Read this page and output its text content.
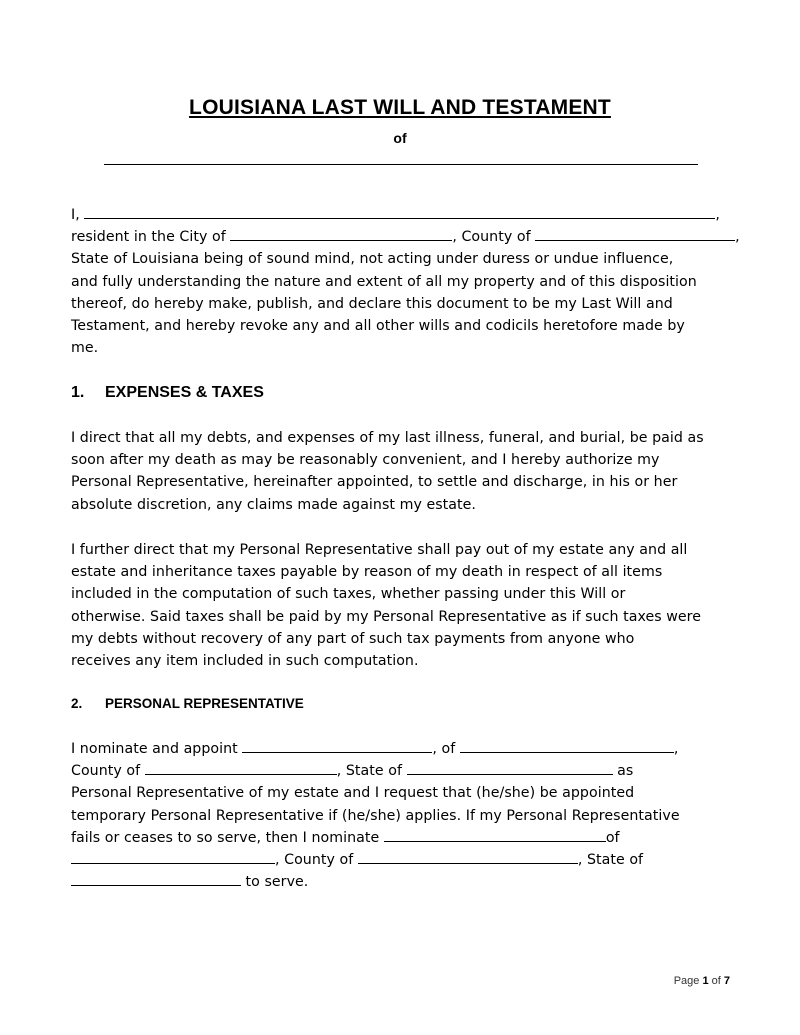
LOUISIANA LAST WILL AND TESTAMENT
of
I,	,
resident in the City of	, County of	,
State of Louisiana being of sound mind, not acting under duress or undue influence,
and fully understanding the nature and extent of all my property and of this disposition
thereof, do hereby make, publish, and declare this document to be my Last Will and
Testament, and hereby revoke any and all other wills and codicils heretofore made by
me.
1. EXPENSES & TAXES
I direct that all my debts, and expenses of my last illness, funeral, and burial, be paid as
soon after my death as may be reasonably convenient, and I hereby authorize my
Personal Representative, hereinafter appointed, to settle and discharge, in his or her
absolute discretion, any claims made against my estate.
I further direct that my Personal Representative shall pay out of my estate any and all
estate and inheritance taxes payable by reason of my death in respect of all items
included in the computation of such taxes, whether passing under this Will or
otherwise. Said taxes shall be paid by my Personal Representative as if such taxes were
my debts without recovery of any part of such tax payments from anyone who
receives any item included in such computation.
2. PERSONAL REPRESENTATIVE
I nominate and appoint	, of	,
County of	, State of	as
Personal Representative of my estate and I request that (he/she) be appointed
temporary Personal Representative if (he/she) applies. If my Personal Representative
fails or ceases to so serve, then I nominate	of
, County of	, State of
to serve.
Page 1 of 7
